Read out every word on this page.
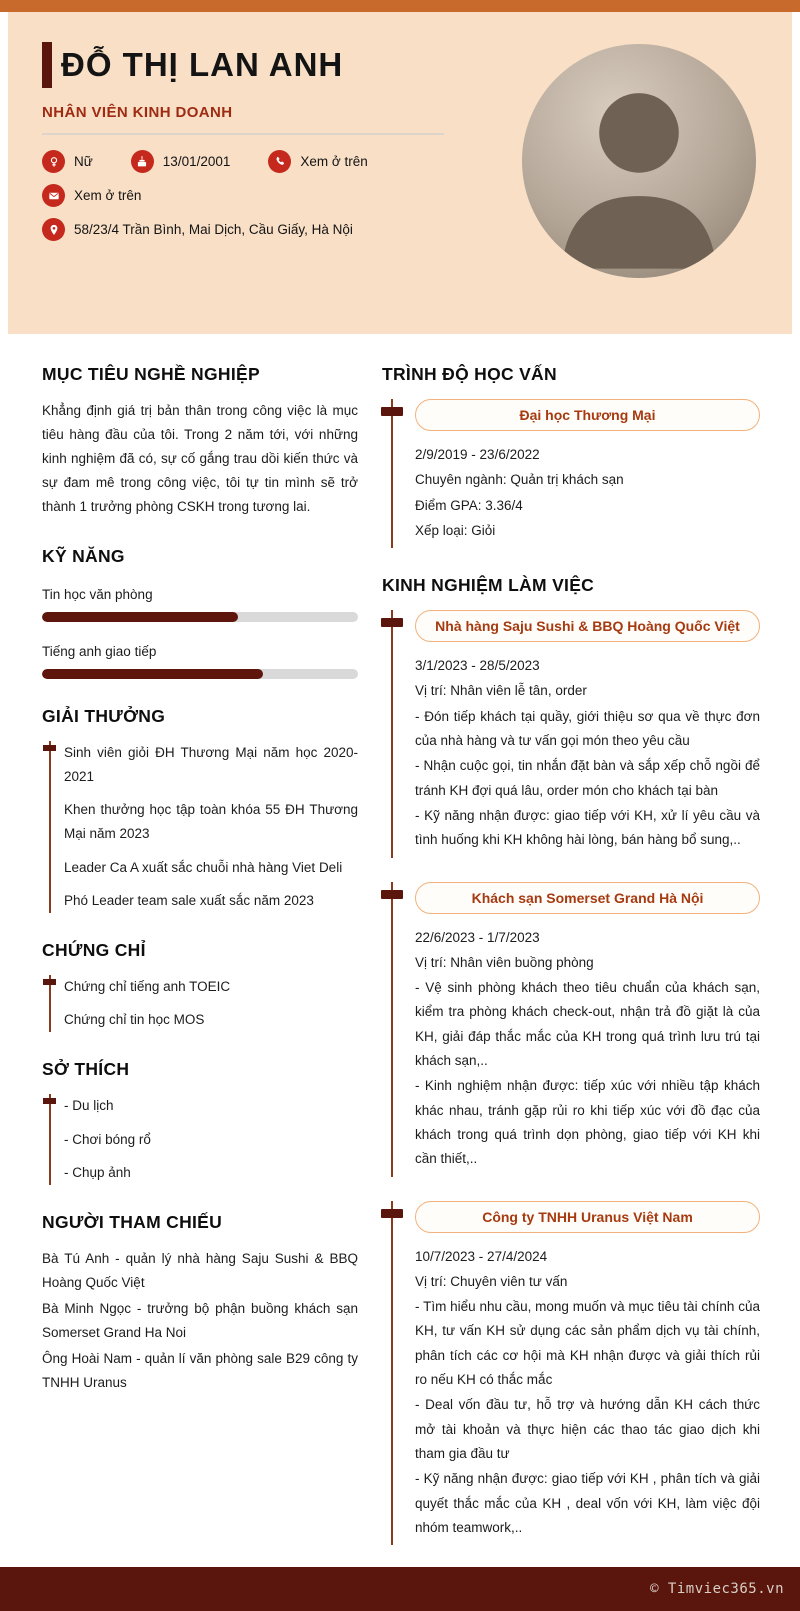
ĐỖ THỊ LAN ANH
NHÂN VIÊN KINH DOANH
Nữ	13/01/2001	Xem ở trên
Xem ở trên
58/23/4 Trần Bình, Mai Dịch, Cầu Giấy, Hà Nội
MỤC TIÊU NGHỀ NGHIỆP

Khẳng định giá trị bản thân trong công việc là mục tiêu hàng đầu của tôi. Trong 2 năm tới, với những kinh nghiệm đã có, sự cố gắng trau dồi kiến thức và sự đam mê trong công việc, tôi tự tin mình sẽ trở thành 1 trưởng phòng CSKH trong tương lai.

KỸ NĂNG
Tin học văn phòng
Tiếng anh giao tiếp
GIẢI THƯỞNG

Sinh viên giỏi ĐH Thương Mại năm học 2020-2021

Khen thưởng học tập toàn khóa 55 ĐH Thương Mại năm 2023

Leader Ca A xuất sắc chuỗi nhà hàng Viet Deli

Phó Leader team sale xuất sắc năm 2023

CHỨNG CHỈ

Chứng chỉ tiếng anh TOEIC

Chứng chỉ tin học MOS

SỞ THÍCH

- Du lịch

- Chơi bóng rổ

- Chụp ảnh

NGƯỜI THAM CHIẾU

Bà Tú Anh - quản lý nhà hàng Saju Sushi & BBQ Hoàng Quốc Việt

Bà Minh Ngọc - trưởng bộ phận buồng khách sạn Somerset Grand Ha Noi

Ông Hoài Nam - quản lí văn phòng sale B29 công ty TNHH Uranus

TRÌNH ĐỘ HỌC VẤN
Đại học Thương Mại

2/9/2019 - 23/6/2022

Chuyên ngành: Quản trị khách sạn

Điểm GPA: 3.36/4

Xếp loại: Giỏi

KINH NGHIỆM LÀM VIỆC
Nhà hàng Saju Sushi & BBQ Hoàng Quốc Việt

3/1/2023 - 28/5/2023

Vị trí: Nhân viên lễ tân, order

- Đón tiếp khách tại quầy, giới thiệu sơ qua về thực đơn của nhà hàng và tư vấn gọi món theo yêu cầu

- Nhận cuộc gọi, tin nhắn đặt bàn và sắp xếp chỗ ngồi để tránh KH đợi quá lâu, order món cho khách tại bàn

- Kỹ năng nhận được: giao tiếp với KH, xử lí yêu cầu và tình huống khi KH không hài lòng, bán hàng bổ sung,..

Khách sạn Somerset Grand Hà Nội

22/6/2023 - 1/7/2023

Vị trí: Nhân viên buồng phòng

- Vệ sinh phòng khách theo tiêu chuẩn của khách sạn, kiểm tra phòng khách check-out, nhận trả đồ giặt là của KH, giải đáp thắc mắc của KH trong quá trình lưu trú tại khách sạn,..

- Kinh nghiệm nhận được: tiếp xúc với nhiều tập khách khác nhau, tránh gặp rủi ro khi tiếp xúc với đồ đạc của khách trong quá trình dọn phòng, giao tiếp với KH khi cần thiết,..

Công ty TNHH Uranus Việt Nam

10/7/2023 - 27/4/2024

Vị trí: Chuyên viên tư vấn

- Tìm hiểu nhu cầu, mong muốn và mục tiêu tài chính của KH, tư vấn KH sử dụng các sản phẩm dịch vụ tài chính, phân tích các cơ hội mà KH nhận được và giải thích rủi ro nếu KH có thắc mắc

- Deal vốn đầu tư, hỗ trợ và hướng dẫn KH cách thức mở tài khoản và thực hiện các thao tác giao dịch khi tham gia đầu tư

- Kỹ năng nhận được: giao tiếp với KH , phân tích và giải quyết thắc mắc của KH , deal vốn với KH, làm việc đội nhóm teamwork,..

© Timviec365.vn
